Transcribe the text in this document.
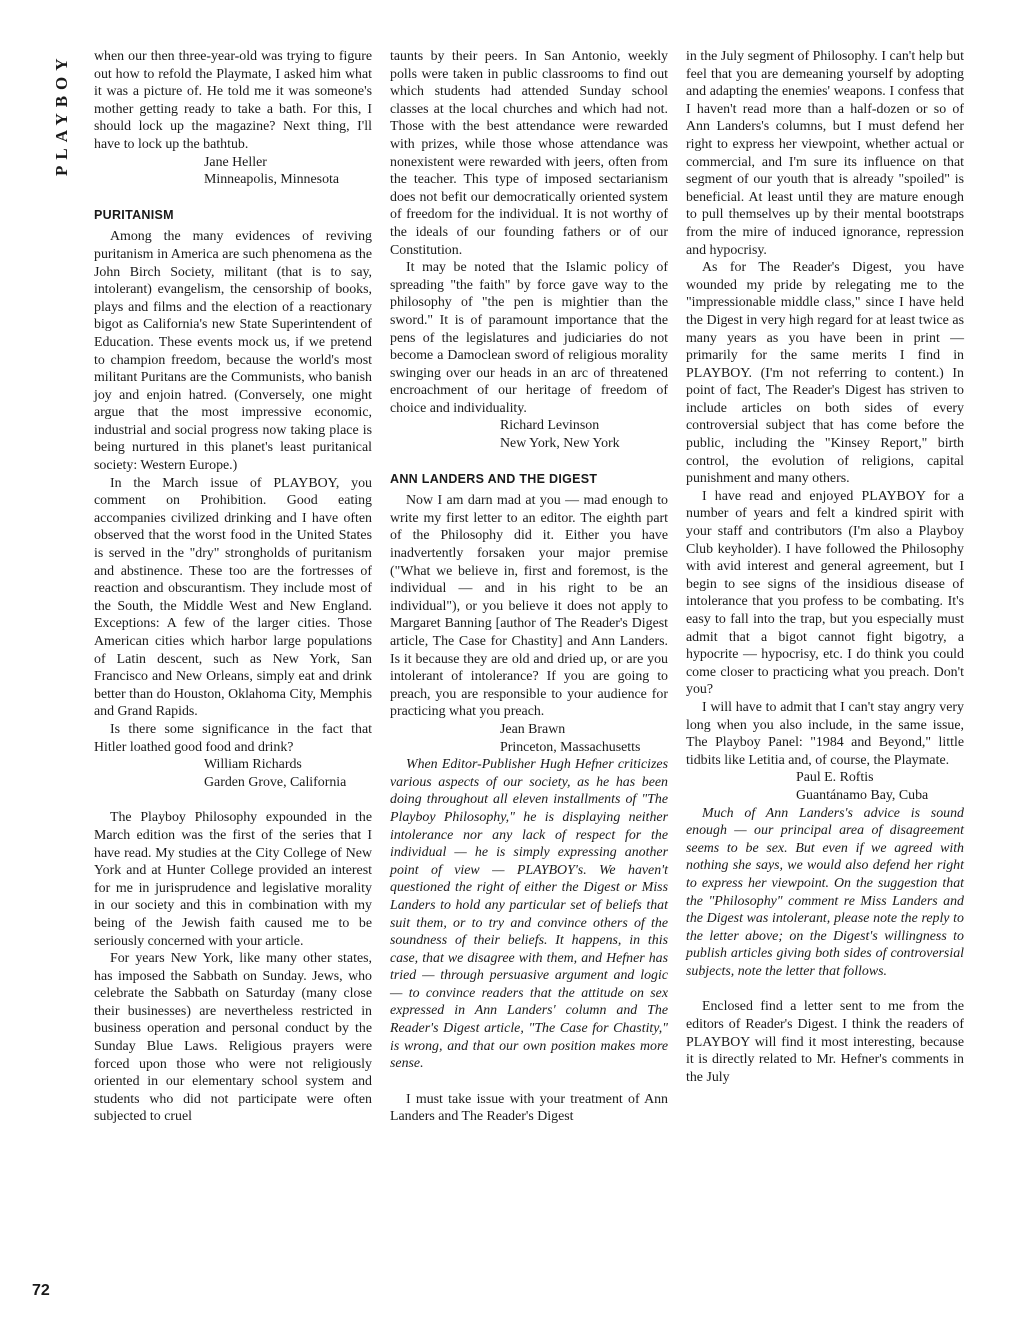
PLAYBOY	when our then three-year-old was trying to figure out how to refold the Playmate, I asked him what it was a picture of. He told me it was someone's mother getting ready to take a bath. For this, I should lock up the magazine? Next thing, I'll have to lock up the bathtub.

Jane Heller
Minneapolis, Minnesota
PURITANISM

Among the many evidences of reviving puritanism in America are such phenomena as the John Birch Society, militant (that is to say, intolerant) evangelism, the censorship of books, plays and films and the election of a reactionary bigot as California's new State Superintendent of Education. These events mock us, if we pretend to champion freedom, because the world's most militant Puritans are the Communists, who banish joy and enjoin hatred. (Conversely, one might argue that the most impressive economic, industrial and social progress now taking place is being nurtured in this planet's least puritanical society: Western Europe.)

In the March issue of PLAYBOY, you comment on Prohibition. Good eating accompanies civilized drinking and I have often observed that the worst food in the United States is served in the "dry" strongholds of puritanism and abstinence. These too are the fortresses of reaction and obscurantism. They include most of the South, the Middle West and New England. Exceptions: A few of the larger cities. Those American cities which harbor large populations of Latin descent, such as New York, San Francisco and New Orleans, simply eat and drink better than do Houston, Oklahoma City, Memphis and Grand Rapids.

Is there some significance in the fact that Hitler loathed good food and drink?

William Richards
Garden Grove, California

The Playboy Philosophy expounded in the March edition was the first of the series that I have read. My studies at the City College of New York and at Hunter College provided an interest for me in jurisprudence and legislative morality in our society and this in combination with my being of the Jewish faith caused me to be seriously concerned with your article.

For years New York, like many other states, has imposed the Sabbath on Sunday. Jews, who celebrate the Sabbath on Saturday (many close their businesses) are nevertheless restricted in business operation and personal conduct by the Sunday Blue Laws. Religious prayers were forced upon those who were not religiously oriented in our elementary school system and students who did not participate were often subjected to cruel

taunts by their peers. In San Antonio, weekly polls were taken in public classrooms to find out which students had attended Sunday school classes at the local churches and which had not. Those with the best attendance were rewarded with prizes, while those whose attendance was nonexistent were rewarded with jeers, often from the teacher. This type of imposed sectarianism does not befit our democratically oriented system of freedom for the individual. It is not worthy of the ideals of our founding fathers or of our Constitution.

It may be noted that the Islamic policy of spreading "the faith" by force gave way to the philosophy of "the pen is mightier than the sword." It is of paramount importance that the pens of the legislatures and judiciaries do not become a Damoclean sword of religious morality swinging over our heads in an arc of threatened encroachment of our heritage of freedom of choice and individuality.

Richard Levinson
New York, New York
ANN LANDERS AND THE DIGEST

Now I am darn mad at you — mad enough to write my first letter to an editor. The eighth part of the Philosophy did it. Either you have inadvertently forsaken your major premise ("What we believe in, first and foremost, is the individual — and in his right to be an individual"), or you believe it does not apply to Margaret Banning [author of The Reader's Digest article, The Case for Chastity] and Ann Landers. Is it because they are old and dried up, or are you intolerant of intolerance? If you are going to preach, you are responsible to your audience for practicing what you preach.

Jean Brawn
Princeton, Massachusetts

When Editor-Publisher Hugh Hefner criticizes various aspects of our society, as he has been doing throughout all eleven installments of "The Playboy Philosophy," he is displaying neither intolerance nor any lack of respect for the individual — he is simply expressing another point of view — PLAYBOY's. We haven't questioned the right of either the Digest or Miss Landers to hold any particular set of beliefs that suit them, or to try and convince others of the soundness of their beliefs. It happens, in this case, that we disagree with them, and Hefner has tried — through persuasive argument and logic — to convince readers that the attitude on sex expressed in Ann Landers' column and The Reader's Digest article, "The Case for Chastity," is wrong, and that our own position makes more sense.

I must take issue with your treatment of Ann Landers and The Reader's Digest

in the July segment of Philosophy. I can't help but feel that you are demeaning yourself by adopting and adapting the enemies' weapons. I confess that I haven't read more than a half-dozen or so of Ann Landers's columns, but I must defend her right to express her viewpoint, whether actual or commercial, and I'm sure its influence on that segment of our youth that is already "spoiled" is beneficial. At least until they are mature enough to pull themselves up by their mental bootstraps from the mire of induced ignorance, repression and hypocrisy.

As for The Reader's Digest, you have wounded my pride by relegating me to the "impressionable middle class," since I have held the Digest in very high regard for at least twice as many years as you have been in print — primarily for the same merits I find in PLAYBOY. (I'm not referring to content.) In point of fact, The Reader's Digest has striven to include articles on both sides of every controversial subject that has come before the public, including the "Kinsey Report," birth control, the evolution of religions, capital punishment and many others.

I have read and enjoyed PLAYBOY for a number of years and felt a kindred spirit with your staff and contributors (I'm also a Playboy Club keyholder). I have followed the Philosophy with avid interest and general agreement, but I begin to see signs of the insidious disease of intolerance that you profess to be combating. It's easy to fall into the trap, but you especially must admit that a bigot cannot fight bigotry, a hypocrite — hypocrisy, etc. I do think you could come closer to practicing what you preach. Don't you?

I will have to admit that I can't stay angry very long when you also include, in the same issue, The Playboy Panel: "1984 and Beyond," little tidbits like Letitia and, of course, the Playmate.

Paul E. Roftis
Guantánamo Bay, Cuba

Much of Ann Landers's advice is sound enough — our principal area of disagreement seems to be sex. But even if we agreed with nothing she says, we would also defend her right to express her viewpoint. On the suggestion that the "Philosophy" comment re Miss Landers and the Digest was intolerant, please note the reply to the letter above; on the Digest's willingness to publish articles giving both sides of controversial subjects, note the letter that follows.

Enclosed find a letter sent to me from the editors of Reader's Digest. I think the readers of PLAYBOY will find it most interesting, because it is directly related to Mr. Hefner's comments in the July

72
